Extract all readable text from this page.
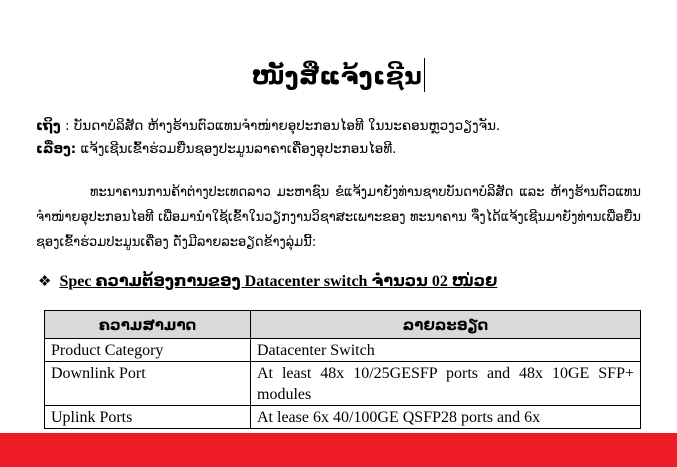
ໜັງສືແຈ້ງເຊີນ
ເຖິງ : ບັນດາບໍລິສັດ ຫ້າງຮ້ານຕົວແທນຈໍາໜ່າຍອຸປະກອນໄອທີ ໃນນະຄອນຫຼວງວຽງຈັນ.
ເລື່ອງ: ແຈ້ງເຊີນເຂົ້າຮ່ວມຍື່ນຊອງປະມູນລາຄາເຄື່ອງອຸປະກອນໄອທີ.
ທະນາຄານການຄ້າຕ່າງປະເທດລາວ ມະຫາຊົນ ຂໍແຈ້ງມາຍັງທ່ານຊາບບັນດາບໍລິສັດ ແລະ ຫ້າງຮ້ານຕົວແທນຈໍາໜ່າຍອຸປະກອນໄອທີ ເພື່ອມານໍາໃຊ້ເຂົ້າໃນວຽກງານວິຊາສະເພາະຂອງ ທະນາຄານ ຈຶ່ງໄດ້ແຈ້ງເຊີນມາຍັງທ່ານເພື່ອຍື່ນຊອງເຂົ້າຮ່ວມປະມູນເຄື່ອງ ດັ່ງມີລາຍລະອຽດຂ້າງລຸ່ມນີ້:
❖ Spec ຄວາມຕ້ອງການຂອງ Datacenter switch ຈໍານວນ 02 ໜ່ວຍ
ຄວາມສາມາດ	ລາຍລະອຽດ
Product Category	Datacenter Switch
Downlink Port	At least 48x 10/25GESFP ports and 48x 10GE SFP+ modules
Uplink Ports	At lease 6x 40/100GE QSFP28 ports and 6x
